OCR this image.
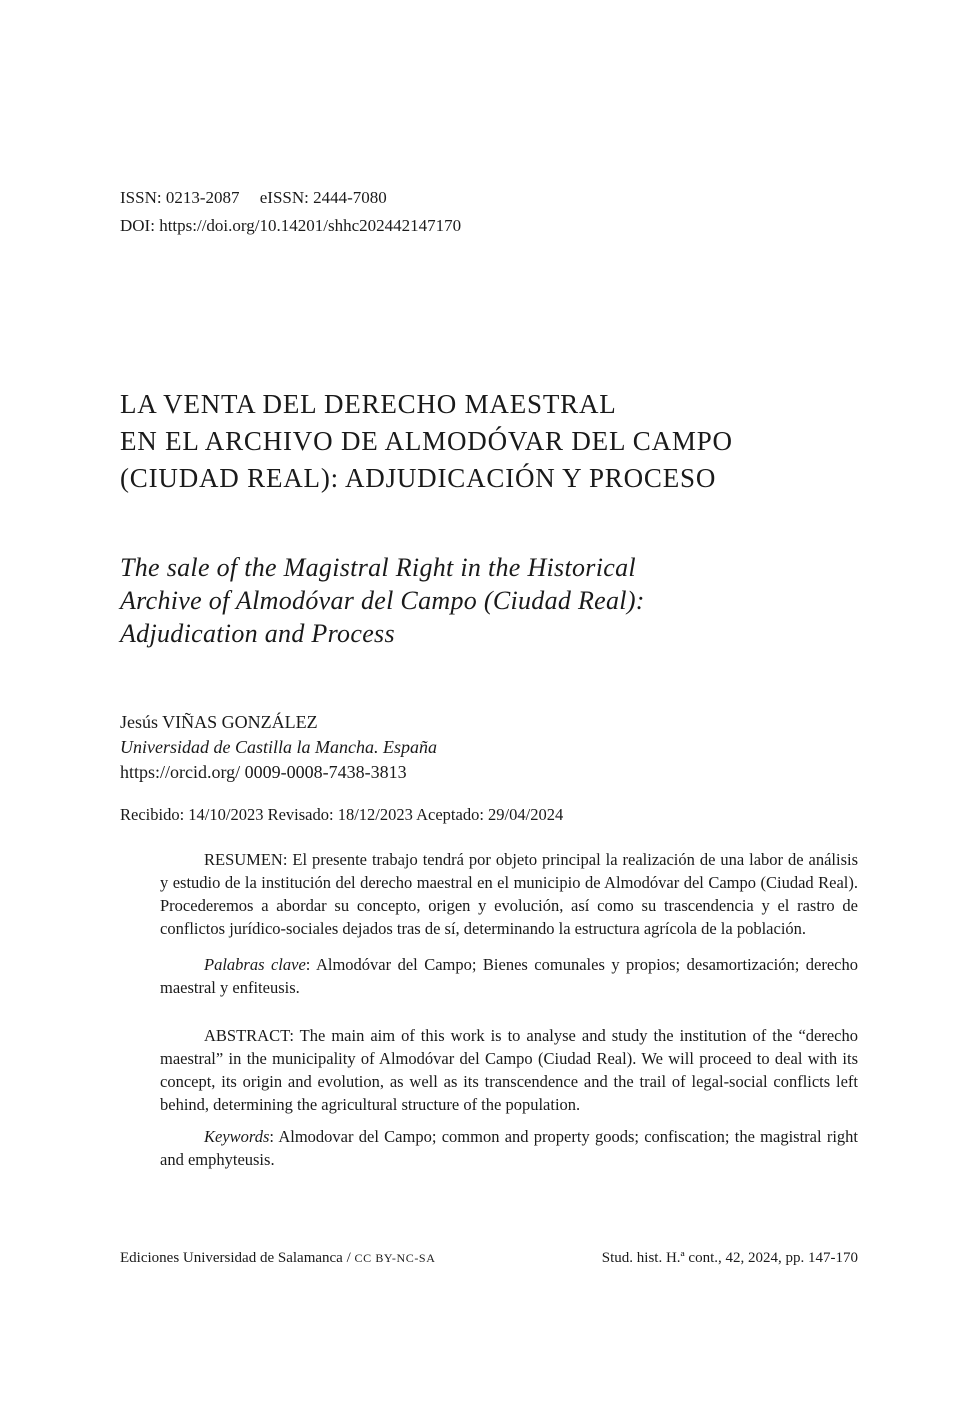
ISSN: 0213-2087 eISSN: 2444-7080
DOI: https://doi.org/10.14201/shhc202442147170
LA VENTA DEL DERECHO MAESTRAL
EN EL ARCHIVO DE ALMODÓVAR DEL CAMPO
(CIUDAD REAL): ADJUDICACIÓN Y PROCESO
The sale of the Magistral Right in the Historical
Archive of Almodóvar del Campo (Ciudad Real):
Adjudication and Process
Jesús VIÑAS GONZÁLEZ
Universidad de Castilla la Mancha. España
https://orcid.org/ 0009-0008-7438-3813
Recibido: 14/10/2023 Revisado: 18/12/2023 Aceptado: 29/04/2024

RESUMEN: El presente trabajo tendrá por objeto principal la realización de una labor de análisis y estudio de la institución del derecho maestral en el municipio de Almodóvar del Campo (Ciudad Real). Procederemos a abordar su concepto, origen y evolución, así como su trascendencia y el rastro de conflictos jurídico-sociales dejados tras de sí, determinando la estructura agrícola de la población.

Palabras clave: Almodóvar del Campo; Bienes comunales y propios; desamortización; derecho maestral y enfiteusis.

ABSTRACT: The main aim of this work is to analyse and study the institution of the “derecho maestral” in the municipality of Almodóvar del Campo (Ciudad Real). We will proceed to deal with its concept, its origin and evolution, as well as its transcendence and the trail of legal-social conflicts left behind, determining the agricultural structure of the population.

Keywords: Almodovar del Campo; common and property goods; confiscation; the magistral right and emphyteusis.

Ediciones Universidad de Salamanca / CC BY-NC-SA	Stud. hist. H.ª cont., 42, 2024, pp. 147-170
